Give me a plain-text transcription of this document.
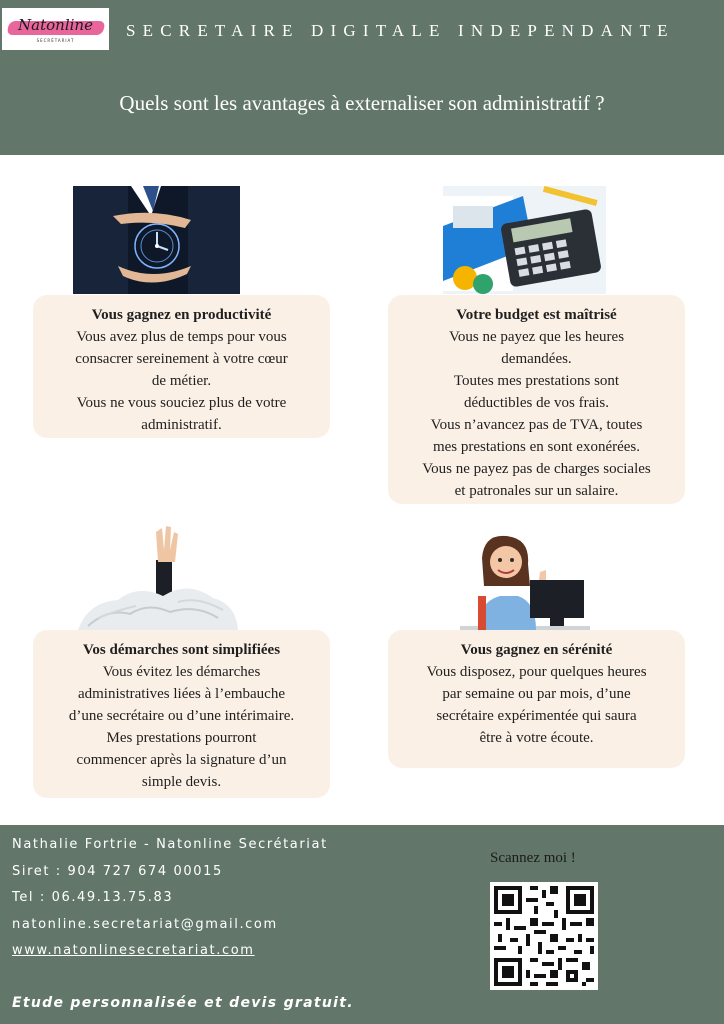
Natonline
SECRÉTARIAT
SECRETAIRE DIGITALE INDEPENDANTE
Quels sont les avantages à externaliser son administratif ?

Vous gagnez en productivité

Vous avez plus de temps pour vous

consacrer sereinement à votre cœur

de métier.

Vous ne vous souciez plus de votre

administratif.

Votre budget est maîtrisé

Vous ne payez que les heures

demandées.

Toutes mes prestations sont

déductibles de vos frais.

Vous n’avancez pas de TVA, toutes

mes prestations en sont exonérées.

Vous ne payez pas de charges sociales

et patronales sur un salaire.

Vos démarches sont simplifiées

Vous évitez les démarches

administratives liées à l’embauche

d’une secrétaire ou d’une intérimaire.

Mes prestations pourront

commencer après la signature d’un

simple devis.

Vous gagnez en sérénité

Vous disposez, pour quelques heures

par semaine ou par mois, d’une

secrétaire expérimentée qui saura

être à votre écoute.

Nathalie Fortrie - Natonline Secrétariat
Siret : 904 727 674 00015
Tel : 06.49.13.75.83
natonline.secretariat@gmail.com
www.natonlinesecretariat.com
Etude personnalisée et devis gratuit.
Scannez moi !
